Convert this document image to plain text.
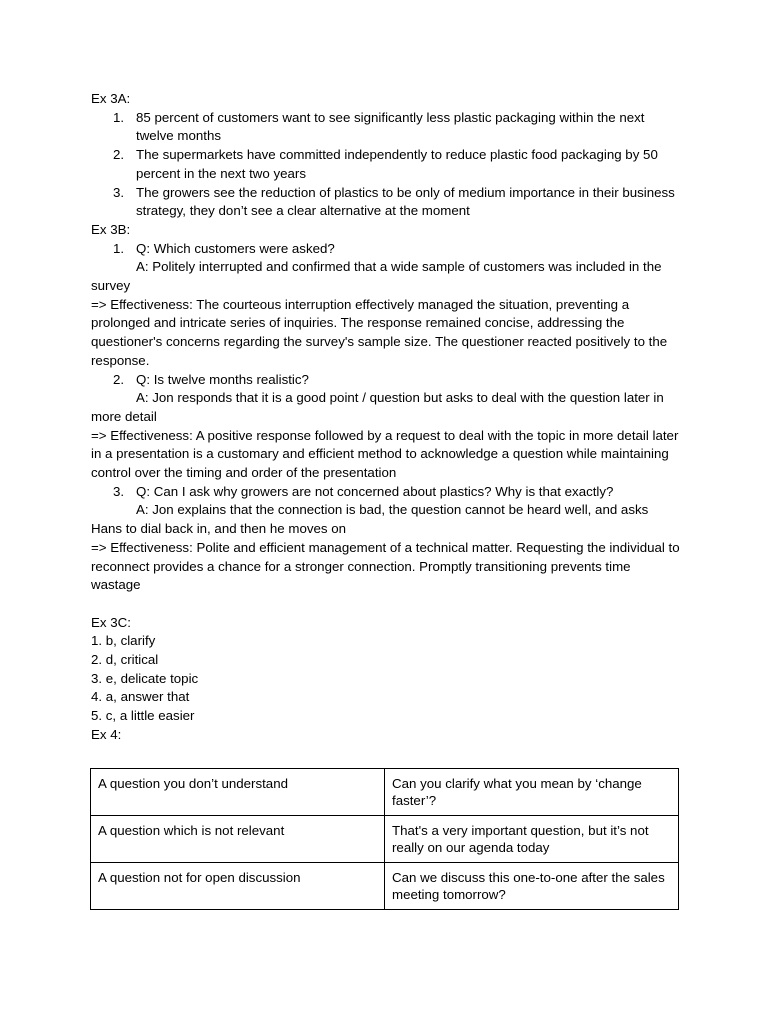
Ex 3A:
1. 85 percent of customers want to see significantly less plastic packaging within the next twelve months
2. The supermarkets have committed independently to reduce plastic food packaging by 50 percent in the next two years
3. The growers see the reduction of plastics to be only of medium importance in their business strategy, they don’t see a clear alternative at the moment
Ex 3B:
1. Q: Which customers were asked?
A: Politely interrupted and confirmed that a wide sample of customers was included in the survey
=> Effectiveness: The courteous interruption effectively managed the situation, preventing a prolonged and intricate series of inquiries. The response remained concise, addressing the questioner's concerns regarding the survey's sample size. The questioner reacted positively to the response.
2. Q: Is twelve months realistic?
A: Jon responds that it is a good point / question but asks to deal with the question later in more detail
=> Effectiveness: A positive response followed by a request to deal with the topic in more detail later in a presentation is a customary and efficient method to acknowledge a question while maintaining control over the timing and order of the presentation
3. Q: Can I ask why growers are not concerned about plastics? Why is that exactly?
A: Jon explains that the connection is bad, the question cannot be heard well, and asks Hans to dial back in, and then he moves on
=> Effectiveness: Polite and efficient management of a technical matter. Requesting the individual to reconnect provides a chance for a stronger connection. Promptly transitioning prevents time wastage
Ex 3C:
1. b, clarify
2. d, critical
3. e, delicate topic
4. a, answer that
5. c, a little easier
Ex 4:
A question you don’t understand	Can you clarify what you mean by ‘change faster’?
A question which is not relevant	That's a very important question, but it’s not really on our agenda today
A question not for open discussion	Can we discuss this one-to-one after the sales meeting tomorrow?
